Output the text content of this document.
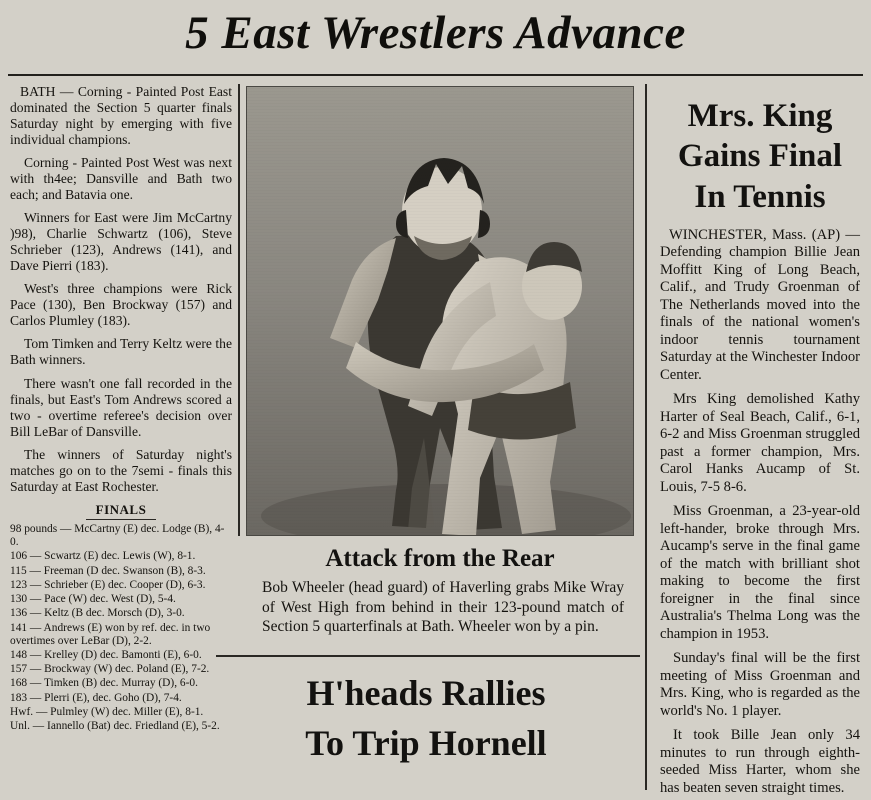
5 East Wrestlers Advance

BATH — Corning - Painted Post East dominated the Section 5 quarter finals Saturday night by emerging with five individual champions.

Corning - Painted Post West was next with th4ee; Dansville and Bath two each; and Batavia one.

Winners for East were Jim McCartny )98), Charlie Schwartz (106), Steve Schrieber (123), Andrews (141), and Dave Pierri (183).

West's three champions were Rick Pace (130), Ben Brockway (157) and Carlos Plumley (183).

Tom Timken and Terry Keltz were the Bath winners.

There wasn't one fall recorded in the finals, but East's Tom Andrews scored a two - overtime referee's decision over Bill LeBar of Dansville.

The winners of Saturday night's matches go on to the 7semi - finals this Saturday at East Rochester.

FINALS
98 pounds — McCartny (E) dec. Lodge (B), 4-0.
106 — Scwartz (E) dec. Lewis (W), 8-1.
115 — Freeman (D dec. Swanson (B), 8-3.
123 — Schrieber (E) dec. Cooper (D), 6-3.
130 — Pace (W) dec. West (D), 5-4.
136 — Keltz (B dec. Morsch (D), 3-0.
141 — Andrews (E) won by ref. dec. in two overtimes over LeBar (D), 2-2.
148 — Krelley (D) dec. Bamonti (E), 6-0.
157 — Brockway (W) dec. Poland (E), 7-2.
168 — Timken (B) dec. Murray (D), 6-0.
183 — Plerri (E), dec. Goho (D), 7-4.
Hwf. — Pulmley (W) dec. Miller (E), 8-1.
Unl. — Iannello (Bat) dec. Friedland (E), 5-2.
Attack from the Rear
Bob Wheeler (head guard) of Haverling grabs Mike Wray of West High from behind in their 123-pound match of Section 5 quarterfinals at Bath. Wheeler won by a pin.
H'heads Rallies
To Trip Hornell
Mrs. King
Gains Final
In Tennis

WINCHESTER, Mass. (AP) — Defending champion Billie Jean Moffitt King of Long Beach, Calif., and Trudy Groenman of The Netherlands moved into the finals of the national women's indoor tennis tournament Saturday at the Winchester Indoor Center.

Mrs King demolished Kathy Harter of Seal Beach, Calif., 6-1, 6-2 and Miss Groenman struggled past a former champion, Mrs. Carol Hanks Aucamp of St. Louis, 7-5 8-6.

Miss Groenman, a 23-year-old left-hander, broke through Mrs. Aucamp's serve in the final game of the match with brilliant shot making to become the first foreigner in the final since Australia's Thelma Long was the champion in 1953.

Sunday's final will be the first meeting of Miss Groenman and Mrs. King, who is regarded as the world's No. 1 player.

It took Bille Jean only 34 minutes to run through eighth-seeded Miss Harter, whom she has beaten seven straight times.
